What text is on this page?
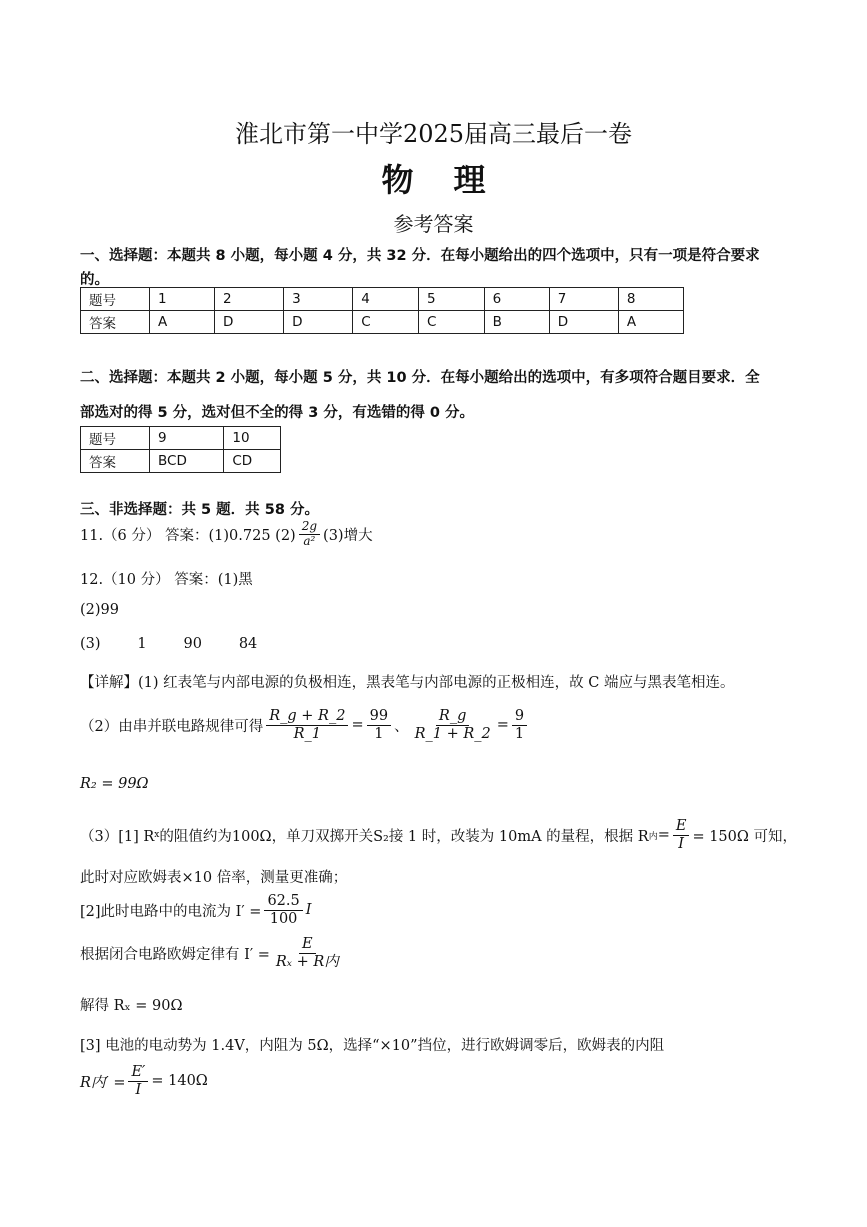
淮北市第一中学2025届高三最后一卷
物理
参考答案
一、选择题：本题共 8 小题，每小题 4 分，共 32 分．在每小题给出的四个选项中，只有一项是符合要求
的。
题号	1	2	3	4	5	6	7	8
答案	A	D	D	C	C	B	D	A
二、选择题：本题共 2 小题，每小题 5 分，共 10 分．在每小题给出的选项中，有多项符合题目要求．全
部选对的得 5 分，选对但不全的得 3 分，有选错的得 0 分。
题号	9	10
答案	BCD	CD
三、非选择题：共 5 题．共 58 分。
11.（6 分） 答案：(1)0.725 $(2) \frac{2g}{\text{a²}} (3)$增大
12.（10 分） 答案：(1)黑
(2)99
(3)        1        90        84
【详解】(1) 红表笔与内部电源的负极相连，黑表笔与内部电源的正极相连，故 C 端应与黑表笔相连。
（2）由串并联电路规律可得 $\frac{R\_g + R\_2}{R\_1} = \frac{99}{1}$ 、 $\frac{R\_g}{R\_1 + R\_2} = \frac{9}{1}$
R₂ = 99Ω
（3）[1] R x 的阻值约为100Ω，单刀双掷开关S₂接 1 时，改装为 10mA 的量程，根据 R 内 = $\frac{E}{I} = 150\Omega$ 可知，
此时对应欧姆表×10 倍率，测量更准确；
[2]此时电路中的电流为 $I' = \frac{62.5}{100}$ I
根据闭合电路欧姆定律有 $I' = \frac{E}{\text{Rₓ + R内}}$
解得 Rₓ = 90Ω
[3] 电池的电动势为 1.4V，内阻为 5Ω，选择“×10”挡位，进行欧姆调零后，欧姆表的内阻
R内′ = $\frac{E'}{I} = 140\Omega$
